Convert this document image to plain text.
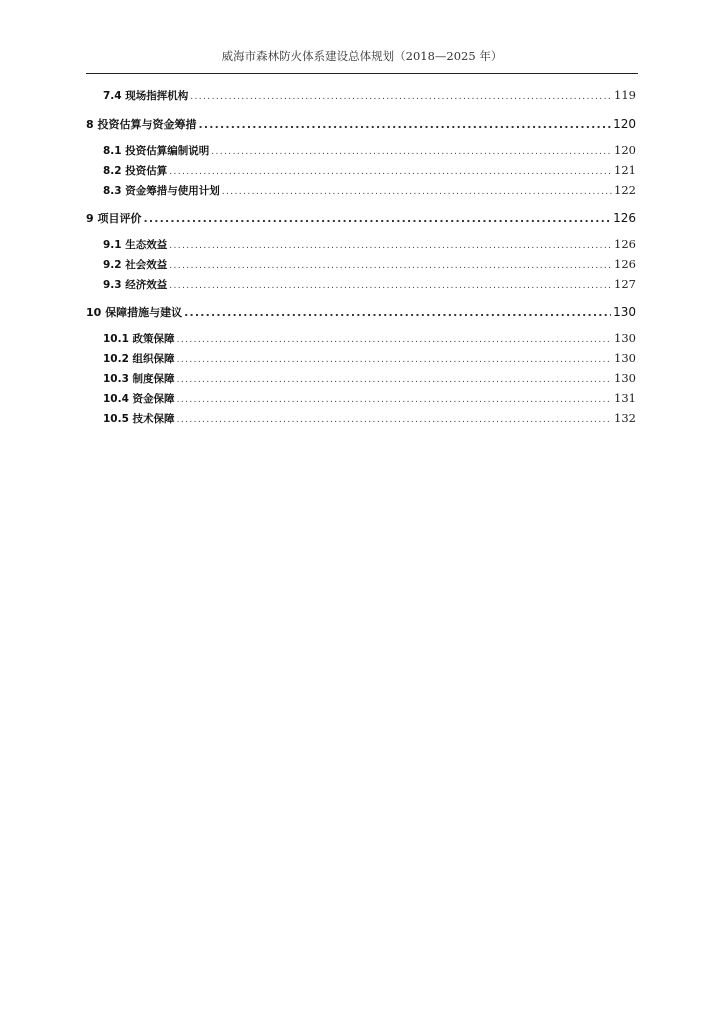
威海市森林防火体系建设总体规划（2018—2025 年）
7.4 现场指挥机构 .....	119
8 投资估算与资金筹措 .....	120
8.1 投资估算编制说明 .....	120
8.2 投资估算 .....	121
8.3 资金筹措与使用计划 .....	122
9 项目评价 .....	126
9.1 生态效益 .....	126
9.2 社会效益 .....	126
9.3 经济效益 .....	127
10 保障措施与建议 .....	130
10.1 政策保障 .....	130
10.2 组织保障 .....	130
10.3 制度保障 .....	130
10.4 资金保障 .....	131
10.5 技术保障 .....	132
